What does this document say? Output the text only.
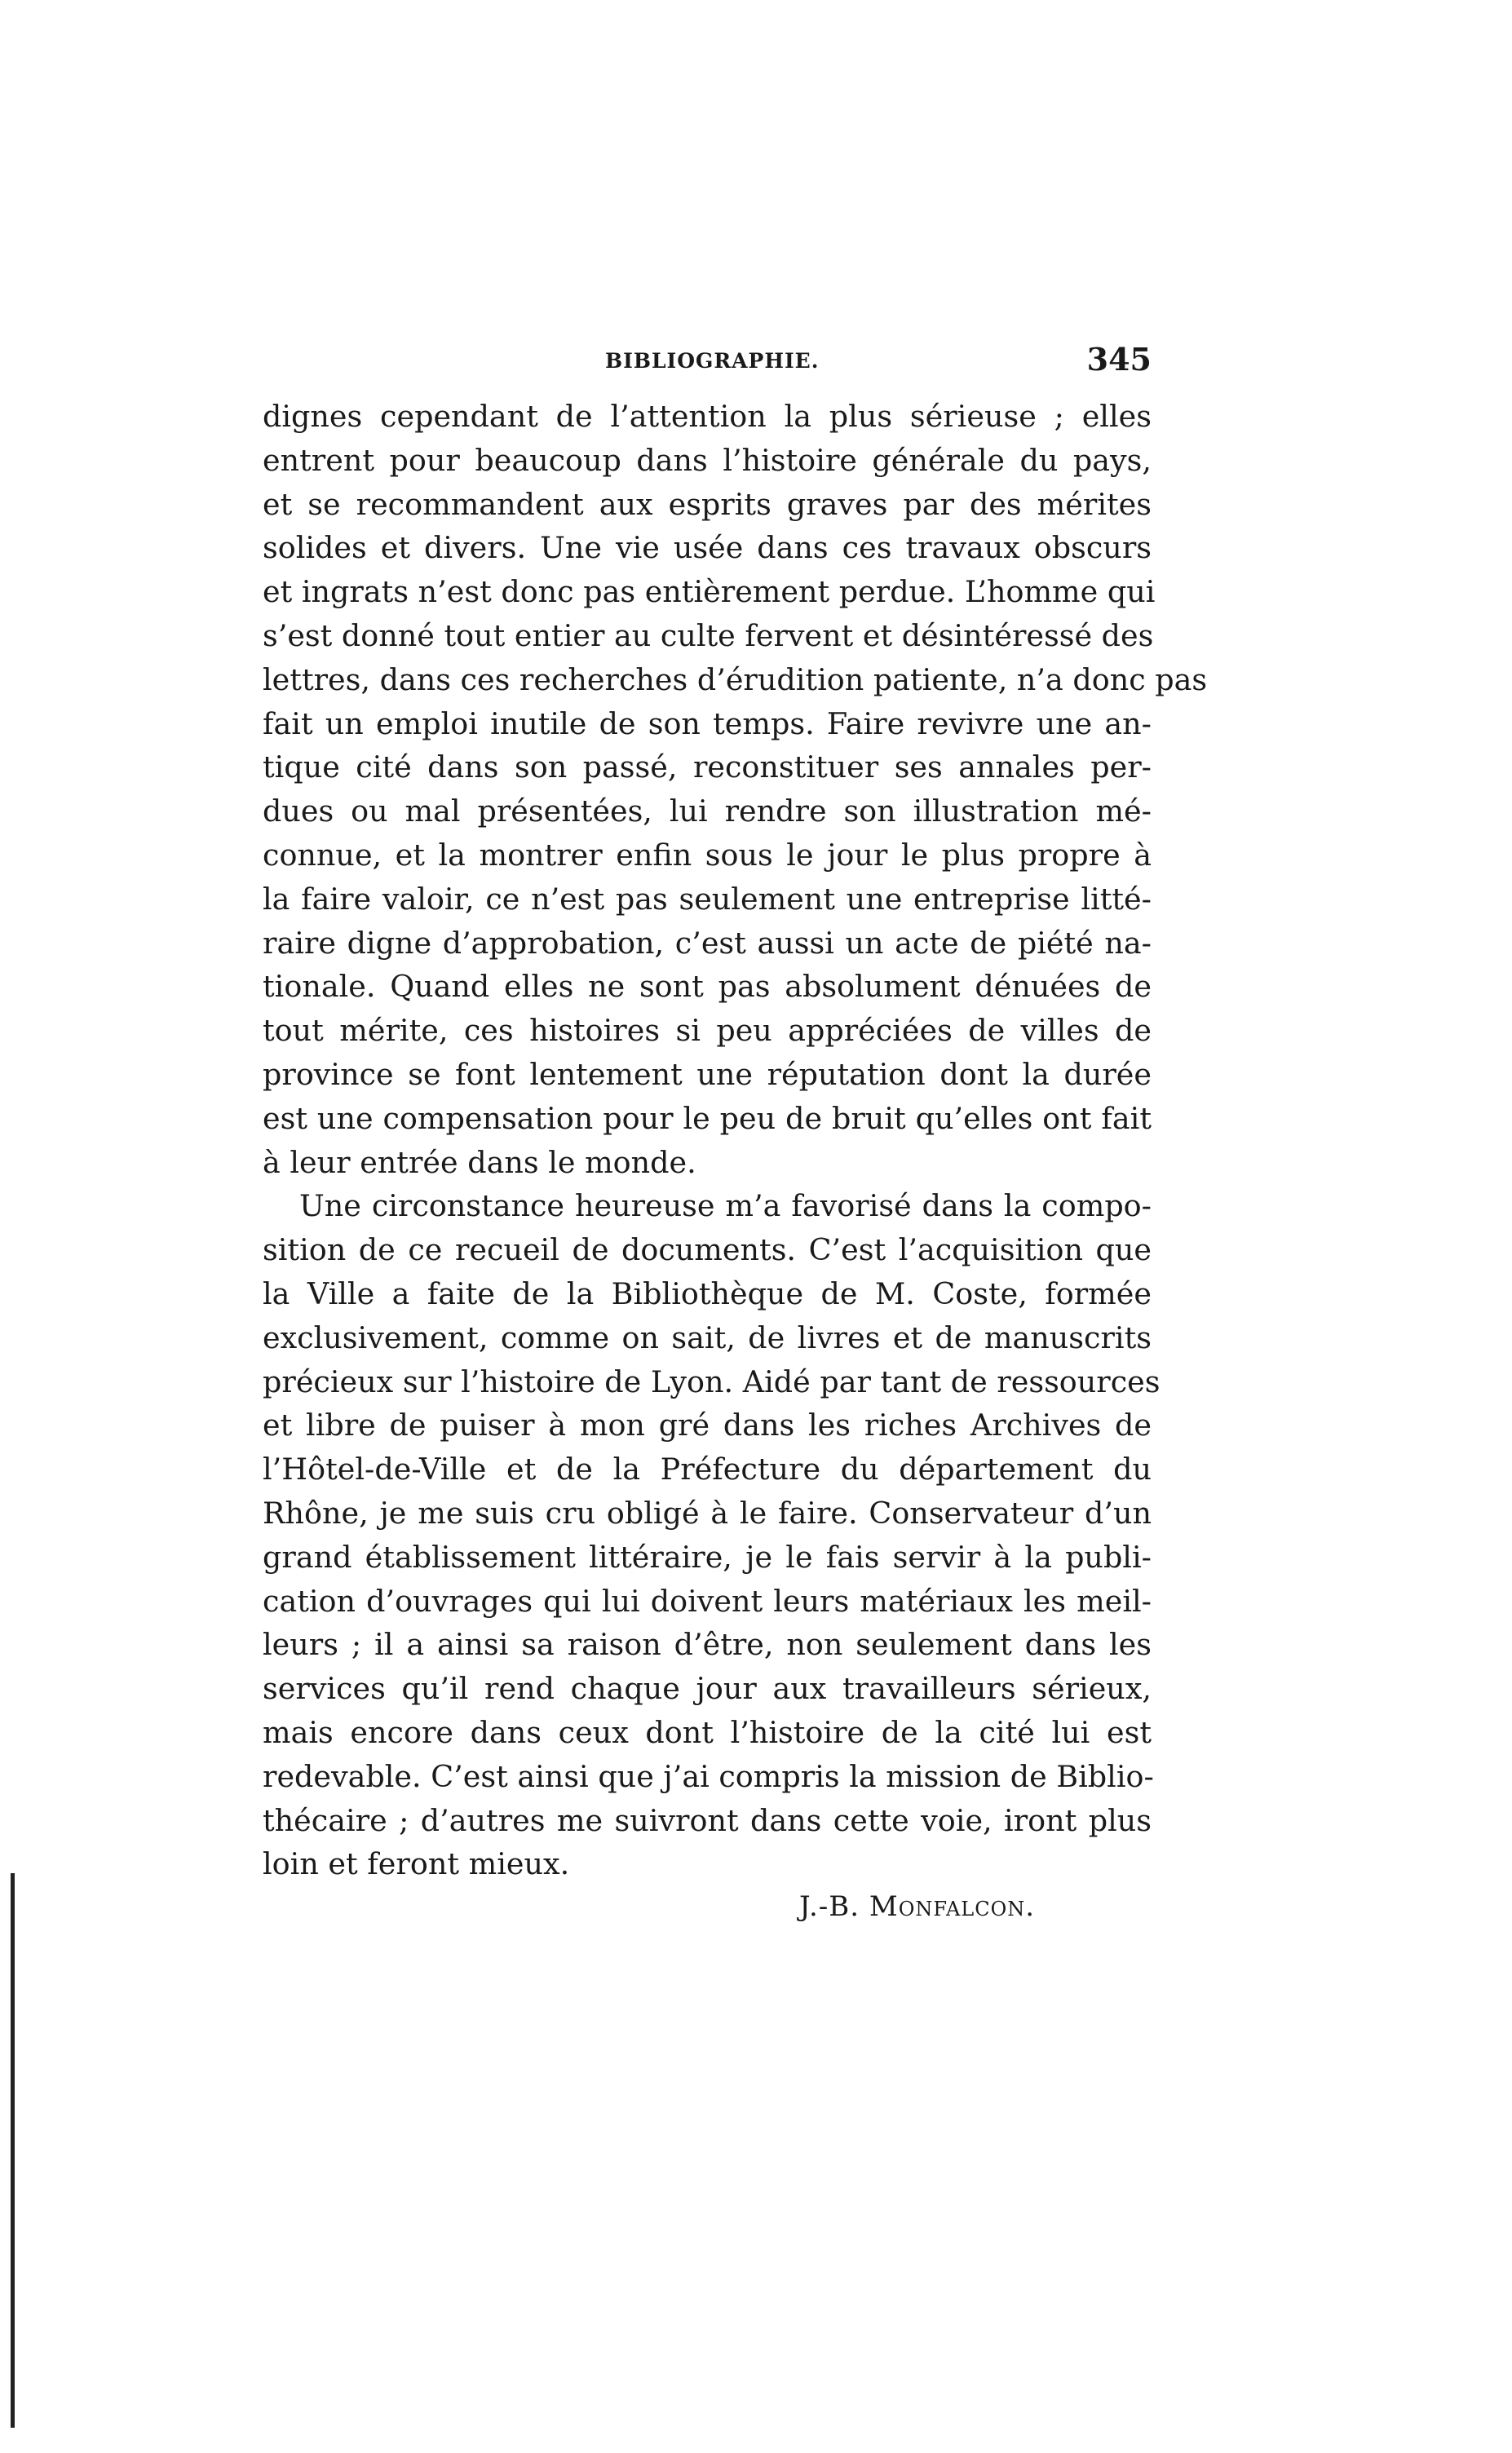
BIBLIOGRAPHIE.	345
dignes cependant de l’attention la plus sérieuse ; elles
entrent pour beaucoup dans l’histoire générale du pays,
et se recommandent aux esprits graves par des mérites
solides et divers. Une vie usée dans ces travaux obscurs
et ingrats n’est donc pas entièrement perdue. L’homme qui
s’est donné tout entier au culte fervent et désintéressé des
lettres, dans ces recherches d’érudition patiente, n’a donc pas
fait un emploi inutile de son temps. Faire revivre une an-
tique cité dans son passé, reconstituer ses annales per-
dues ou mal présentées, lui rendre son illustration mé-
connue, et la montrer enfin sous le jour le plus propre à
la faire valoir, ce n’est pas seulement une entreprise litté-
raire digne d’approbation, c’est aussi un acte de piété na-
tionale. Quand elles ne sont pas absolument dénuées de
tout mérite, ces histoires si peu appréciées de villes de
province se font lentement une réputation dont la durée
est une compensation pour le peu de bruit qu’elles ont fait
à leur entrée dans le monde.
Une circonstance heureuse m’a favorisé dans la compo-
sition de ce recueil de documents. C’est l’acquisition que
la Ville a faite de la Bibliothèque de M. Coste, formée
exclusivement, comme on sait, de livres et de manuscrits
précieux sur l’histoire de Lyon. Aidé par tant de ressources
et libre de puiser à mon gré dans les riches Archives de
l’Hôtel-de-Ville et de la Préfecture du département du
Rhône, je me suis cru obligé à le faire. Conservateur d’un
grand établissement littéraire, je le fais servir à la publi-
cation d’ouvrages qui lui doivent leurs matériaux les meil-
leurs ; il a ainsi sa raison d’être, non seulement dans les
services qu’il rend chaque jour aux travailleurs sérieux,
mais encore dans ceux dont l’histoire de la cité lui est
redevable. C’est ainsi que j’ai compris la mission de Biblio-
thécaire ; d’autres me suivront dans cette voie, iront plus
loin et feront mieux.
J.-B. Monfalcon.
